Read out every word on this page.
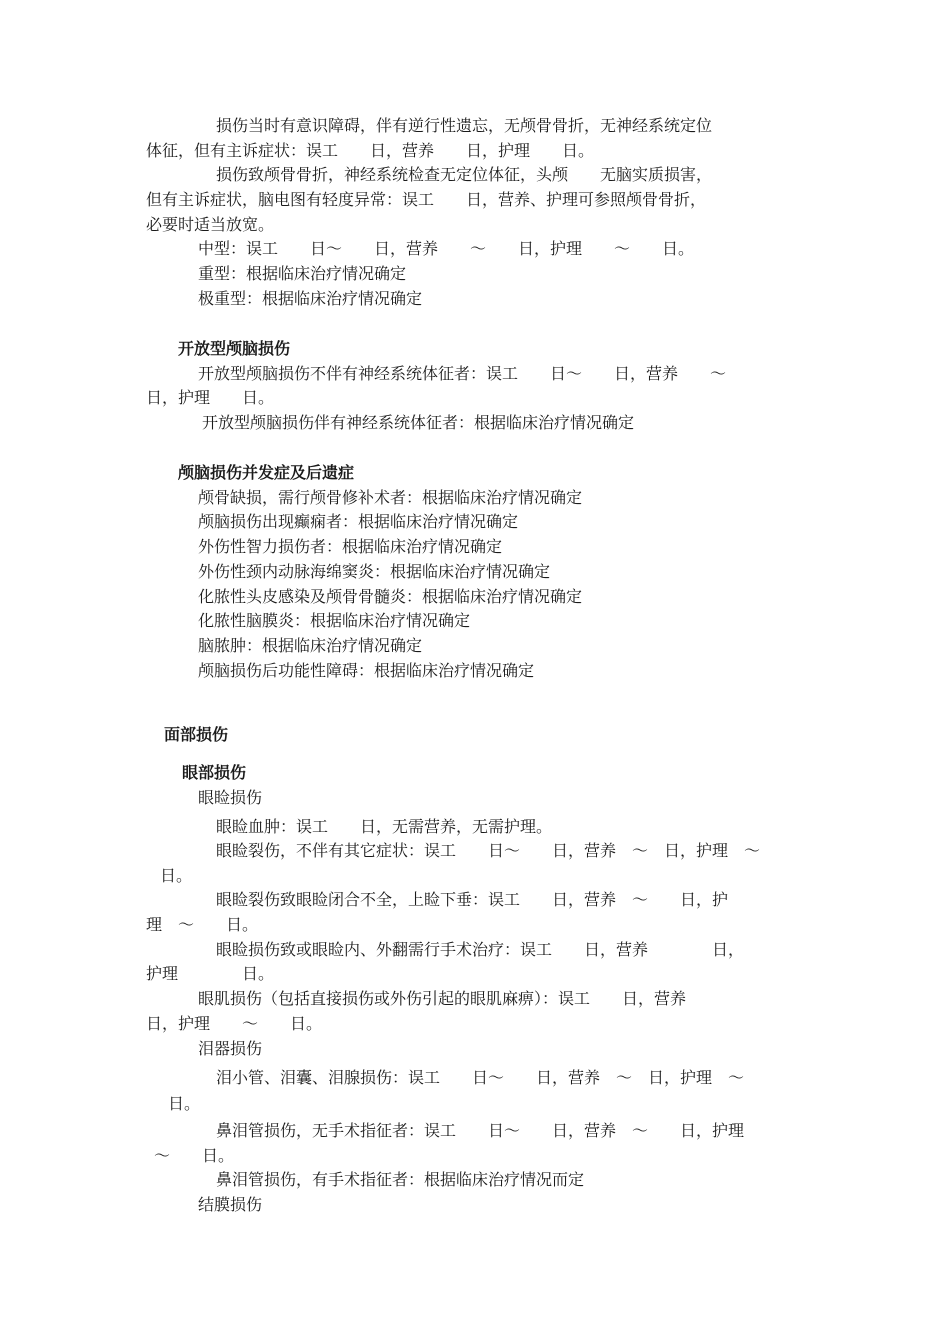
损伤当时有意识障碍，伴有逆行性遗忘，无颅骨骨折，无神经系统定位
体征，但有主诉症状：误工　　日，营养　　日，护理　　日。
损伤致颅骨骨折，神经系统检查无定位体征，头颅　　无脑实质损害，
但有主诉症状，脑电图有轻度异常：误工　　日，营养、护理可参照颅骨骨折，
必要时适当放宽。
中型：误工　　日～　　日，营养　　～　　日，护理　　～　　日。
重型：根据临床治疗情况确定
极重型：根据临床治疗情况确定
开放型颅脑损伤
开放型颅脑损伤不伴有神经系统体征者：误工　　日～　　日，营养　　～
日，护理　　日。
开放型颅脑损伤伴有神经系统体征者：根据临床治疗情况确定
颅脑损伤并发症及后遗症
颅骨缺损，需行颅骨修补术者：根据临床治疗情况确定
颅脑损伤出现癫痫者：根据临床治疗情况确定
外伤性智力损伤者：根据临床治疗情况确定
外伤性颈内动脉海绵窦炎：根据临床治疗情况确定
化脓性头皮感染及颅骨骨髓炎：根据临床治疗情况确定
化脓性脑膜炎：根据临床治疗情况确定
脑脓肿：根据临床治疗情况确定
颅脑损伤后功能性障碍：根据临床治疗情况确定
面部损伤
眼部损伤
眼睑损伤
眼睑血肿：误工　　日，无需营养，无需护理。
眼睑裂伤，不伴有其它症状：误工　　日～　　日，营养　～　日，护理　～
日。
眼睑裂伤致眼睑闭合不全，上睑下垂：误工　　日，营养　～　　日，护
理　～　　日。
眼睑损伤致或眼睑内、外翻需行手术治疗：误工　　日，营养　　　　日，
护理　　　　日。
眼肌损伤（包括直接损伤或外伤引起的眼肌麻痹）：误工　　日，营养
日，护理　　～　　日。
泪器损伤
泪小管、泪囊、泪腺损伤：误工　　日～　　日，营养　～　日，护理　～
日。
鼻泪管损伤，无手术指征者：误工　　日～　　日，营养　～　　日，护理
～　　日。
鼻泪管损伤，有手术指征者：根据临床治疗情况而定
结膜损伤
